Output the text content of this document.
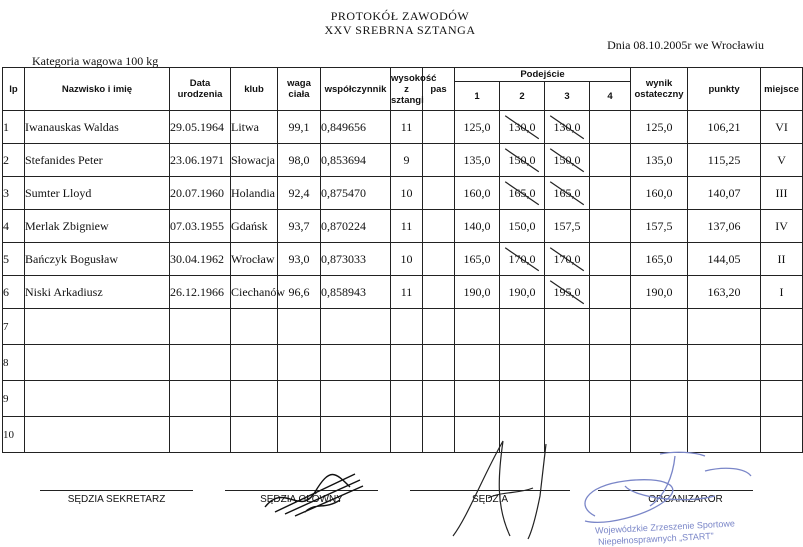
PROTOKÓŁ ZAWODÓW
XXV SREBRNA SZTANGA
Dnia 08.10.2005r we Wrocławiu
Kategoria wagowa 100 kg
lp	Nazwisko i imię	Data urodzenia	klub	waga ciała	współczynnik	wysokość z sztangi	pas	Podejście				wynik ostateczny	punkty	miejsce
								1	2	3	4			
1	Iwanauskas Waldas	29.05.1964	Litwa	99,1	0,849656	11		125,0	130,0	130,0		125,0	106,21	VI
2	Stefanides Peter	23.06.1971	Słowacja	98,0	0,853694	9		135,0	150,0	150,0		135,0	115,25	V
3	Sumter Lloyd	20.07.1960	Holandia	92,4	0,875470	10		160,0	165,0	165,0		160,0	140,07	III
4	Merlak Zbigniew	07.03.1955	Gdańsk	93,7	0,870224	11		140,0	150,0	157,5		157,5	137,06	IV
5	Bańczyk Bogusław	30.04.1962	Wrocław	93,0	0,873033	10		165,0	170,0	170,0		165,0	144,05	II
6	Niski Arkadiusz	26.12.1966	Ciechanów	96,6	0,858943	11		190,0	190,0	195,0		190,0	163,20	I
7														
8														
9														
10														
SĘDZIA SEKRETARZ	SĘDZIA GŁÓWNY	SĘDZIA	ORGANIZAROR
Wojewódzkie Zrzeszenie Sportowe
Niepełnosprawnych „START”
